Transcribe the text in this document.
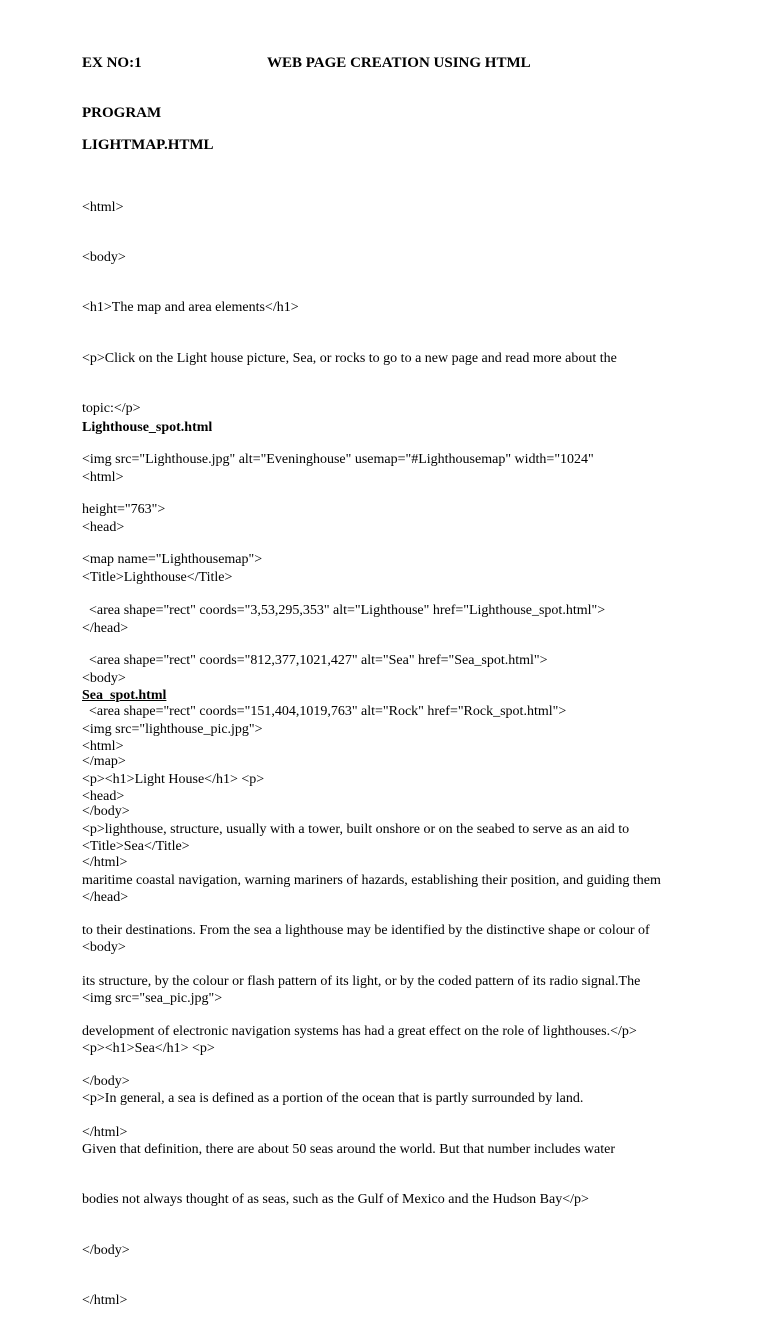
EX NO:1	WEB PAGE CREATION USING HTML
PROGRAM
LIGHTMAP.HTML

<html>

<body>

<h1>The map and area elements</h1>

<p>Click on the Light house picture, Sea, or rocks to go to a new page and read more about the

topic:</p>

<img src="Lighthouse.jpg" alt="Eveninghouse" usemap="#Lighthousemap" width="1024"

height="763">

<map name="Lighthousemap">

<area shape="rect" coords="3,53,295,353" alt="Lighthouse" href="Lighthouse_spot.html">

<area shape="rect" coords="812,377,1021,427" alt="Sea" href="Sea_spot.html">

<area shape="rect" coords="151,404,1019,763" alt="Rock" href="Rock_spot.html">

</map>

</body>

</html>

Lighthouse_spot.html

<html>

<head>

<Title>Lighthouse</Title>

</head>

<body>

<img src="lighthouse_pic.jpg">

<p><h1>Light House</h1> <p>

<p>lighthouse, structure, usually with a tower, built onshore or on the seabed to serve as an aid to

maritime coastal navigation, warning mariners of hazards, establishing their position, and guiding them

to their destinations. From the sea a lighthouse may be identified by the distinctive shape or colour of

its structure, by the colour or flash pattern of its light, or by the coded pattern of its radio signal.The

development of electronic navigation systems has had a great effect on the role of lighthouses.</p>

</body>

</html>

Sea_spot.html

<html>

<head>

<Title>Sea</Title>

</head>

<body>

<img src="sea_pic.jpg">

<p><h1>Sea</h1> <p>

<p>In general, a sea is defined as a portion of the ocean that is partly surrounded by land.

Given that definition, there are about 50 seas around the world. But that number includes water

bodies not always thought of as seas, such as the Gulf of Mexico and the Hudson Bay</p>

</body>

</html>
